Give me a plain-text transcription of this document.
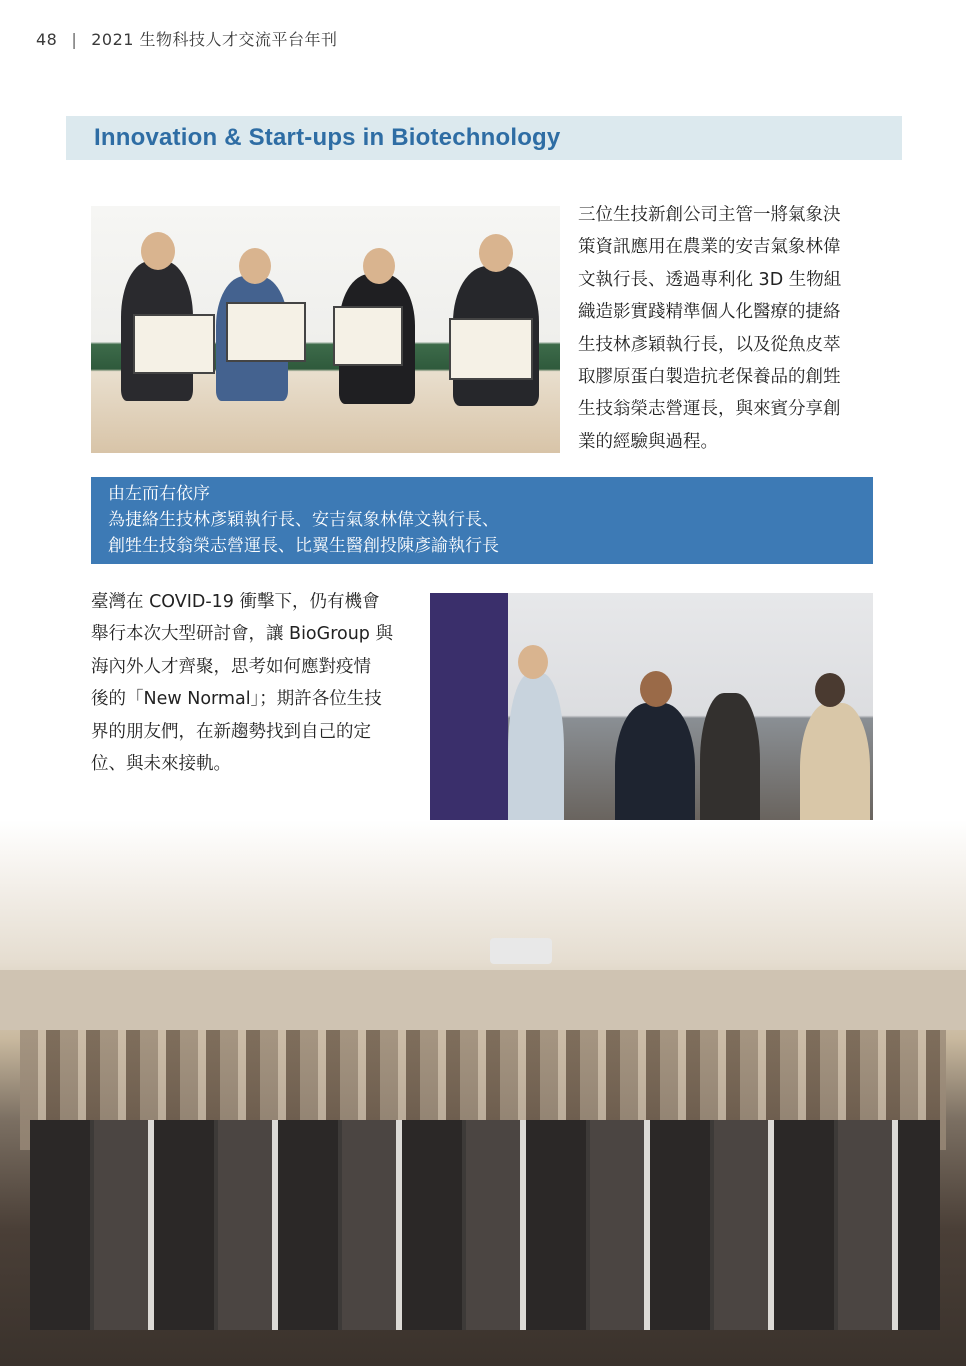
48 | 2021 生物科技人才交流平台年刊
Innovation & Start-ups in Biotechnology
三位生技新創公司主管一將氣象決
策資訊應用在農業的安吉氣象林偉
文執行長、透過專利化 3D 生物組
織造影實踐精準個人化醫療的捷絡
生技林彥穎執行長，以及從魚皮萃
取膠原蛋白製造抗老保養品的創甡
生技翁榮志營運長，與來賓分享創
業的經驗與過程。
由左而右依序
為捷絡生技林彥穎執行長、安吉氣象林偉文執行長、
創甡生技翁榮志營運長、比翼生醫創投陳彥諭執行長
臺灣在 COVID-19 衝擊下，仍有機會
舉行本次大型研討會，讓 BioGroup 與
海內外人才齊聚，思考如何應對疫情
後的「New Normal」；期許各位生技
界的朋友們，在新趨勢找到自己的定
位、與未來接軌。
